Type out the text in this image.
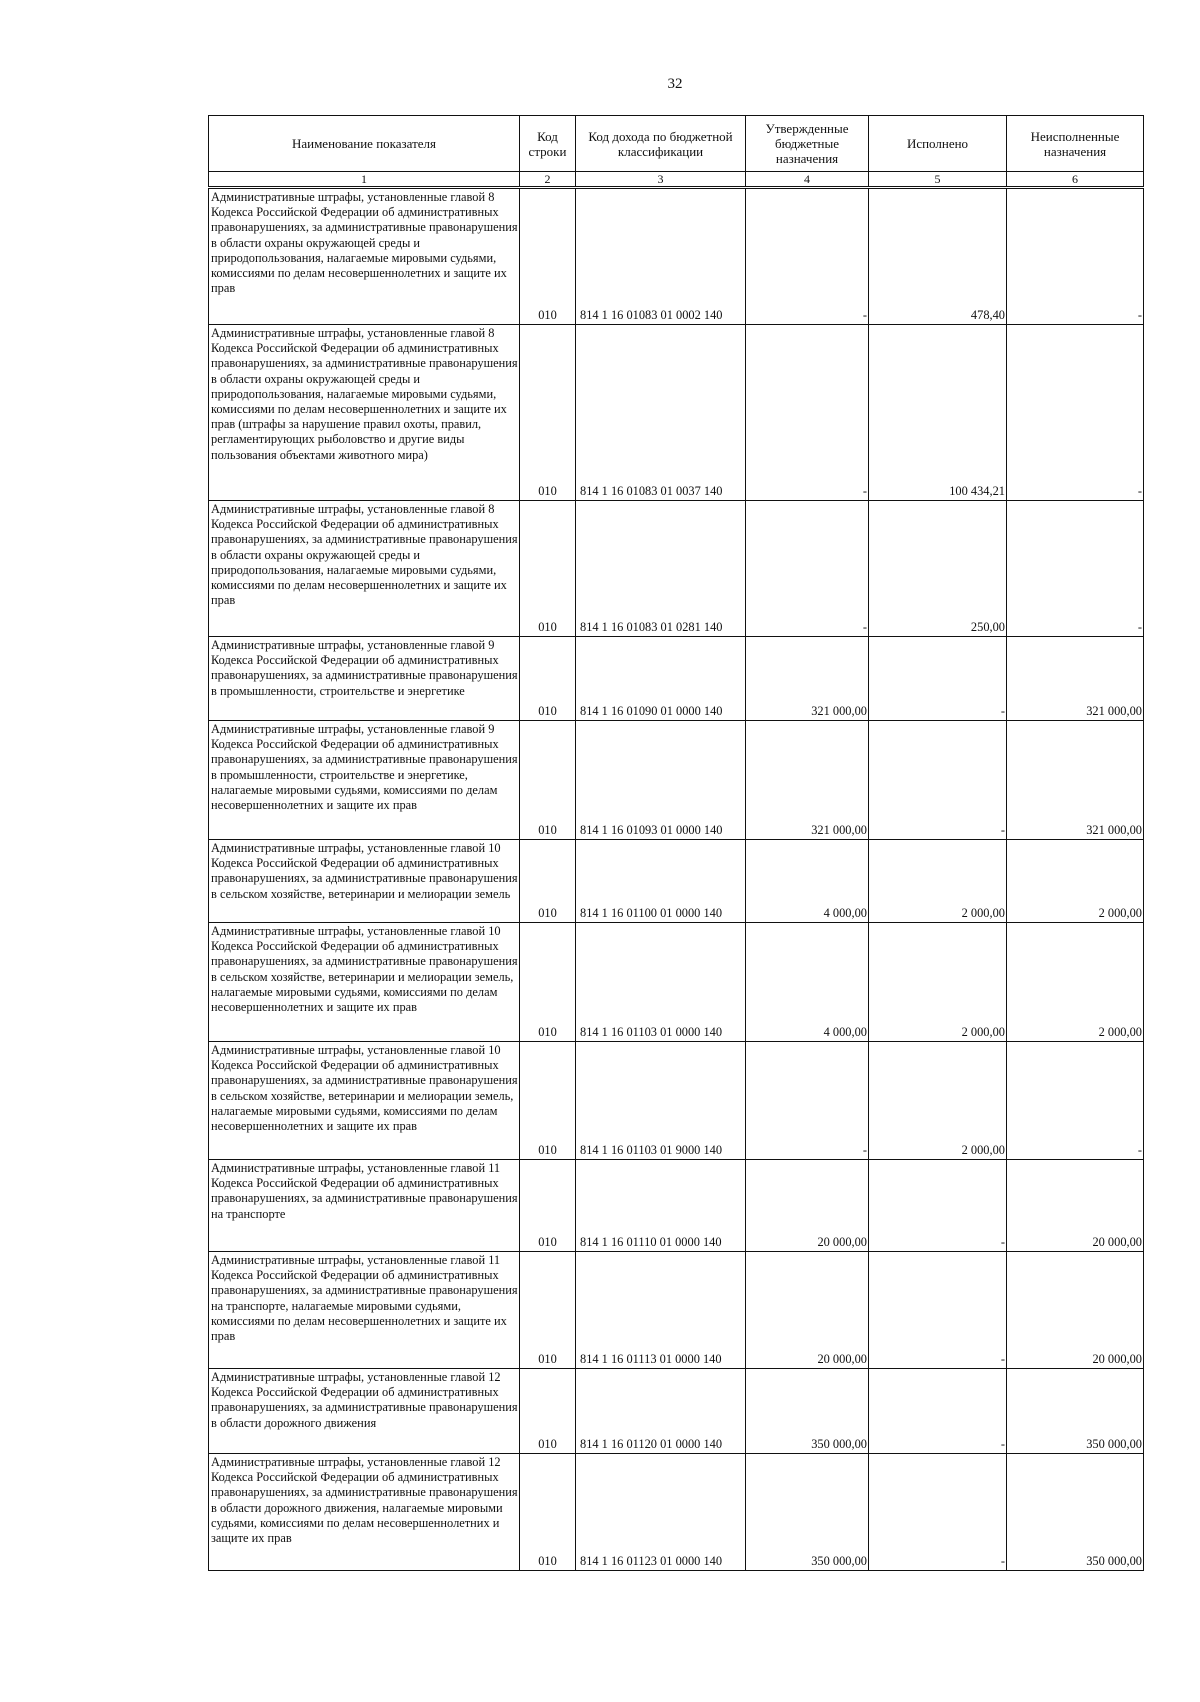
32
Наименование показателя	Код строки	Код дохода по бюджетной классификации	Утвержденные бюджетные назначения	Исполнено	Неисполненные назначения
1	2	3	4	5	6
Административные штрафы, установленные главой 8 Кодекса Российской Федерации об административных правонарушениях, за административные правонарушения в области охраны окружающей среды и природопользования, налагаемые мировыми судьями, комиссиями по делам несовершеннолетних и защите их прав	010	814 1 16 01083 01 0002 140	-	478,40	-
Административные штрафы, установленные главой 8 Кодекса Российской Федерации об административных правонарушениях, за административные правонарушения в области охраны окружающей среды и природопользования, налагаемые мировыми судьями, комиссиями по делам несовершеннолетних и защите их прав (штрафы за нарушение правил охоты, правил, регламентирующих рыболовство и другие виды пользования объектами животного мира)	010	814 1 16 01083 01 0037 140	-	100 434,21	-
Административные штрафы, установленные главой 8 Кодекса Российской Федерации об административных правонарушениях, за административные правонарушения в области охраны окружающей среды и природопользования, налагаемые мировыми судьями, комиссиями по делам несовершеннолетних и защите их прав	010	814 1 16 01083 01 0281 140	-	250,00	-
Административные штрафы, установленные главой 9 Кодекса Российской Федерации об административных правонарушениях, за административные правонарушения в промышленности, строительстве и энергетике	010	814 1 16 01090 01 0000 140	321 000,00	-	321 000,00
Административные штрафы, установленные главой 9 Кодекса Российской Федерации об административных правонарушениях, за административные правонарушения в промышленности, строительстве и энергетике, налагаемые мировыми судьями, комиссиями по делам несовершеннолетних и защите их прав	010	814 1 16 01093 01 0000 140	321 000,00	-	321 000,00
Административные штрафы, установленные главой 10 Кодекса Российской Федерации об административных правонарушениях, за административные правонарушения в сельском хозяйстве, ветеринарии и мелиорации земель	010	814 1 16 01100 01 0000 140	4 000,00	2 000,00	2 000,00
Административные штрафы, установленные главой 10 Кодекса Российской Федерации об административных правонарушениях, за административные правонарушения в сельском хозяйстве, ветеринарии и мелиорации земель, налагаемые мировыми судьями, комиссиями по делам несовершеннолетних и защите их прав	010	814 1 16 01103 01 0000 140	4 000,00	2 000,00	2 000,00
Административные штрафы, установленные главой 10 Кодекса Российской Федерации об административных правонарушениях, за административные правонарушения в сельском хозяйстве, ветеринарии и мелиорации земель, налагаемые мировыми судьями, комиссиями по делам несовершеннолетних и защите их прав	010	814 1 16 01103 01 9000 140	-	2 000,00	-
Административные штрафы, установленные главой 11 Кодекса Российской Федерации об административных правонарушениях, за административные правонарушения на транспорте	010	814 1 16 01110 01 0000 140	20 000,00	-	20 000,00
Административные штрафы, установленные главой 11 Кодекса Российской Федерации об административных правонарушениях, за административные правонарушения на транспорте, налагаемые мировыми судьями, комиссиями по делам несовершеннолетних и защите их прав	010	814 1 16 01113 01 0000 140	20 000,00	-	20 000,00
Административные штрафы, установленные главой 12 Кодекса Российской Федерации об административных правонарушениях, за административные правонарушения в области дорожного движения	010	814 1 16 01120 01 0000 140	350 000,00	-	350 000,00
Административные штрафы, установленные главой 12 Кодекса Российской Федерации об административных правонарушениях, за административные правонарушения в области дорожного движения, налагаемые мировыми судьями, комиссиями по делам несовершеннолетних и защите их прав	010	814 1 16 01123 01 0000 140	350 000,00	-	350 000,00
